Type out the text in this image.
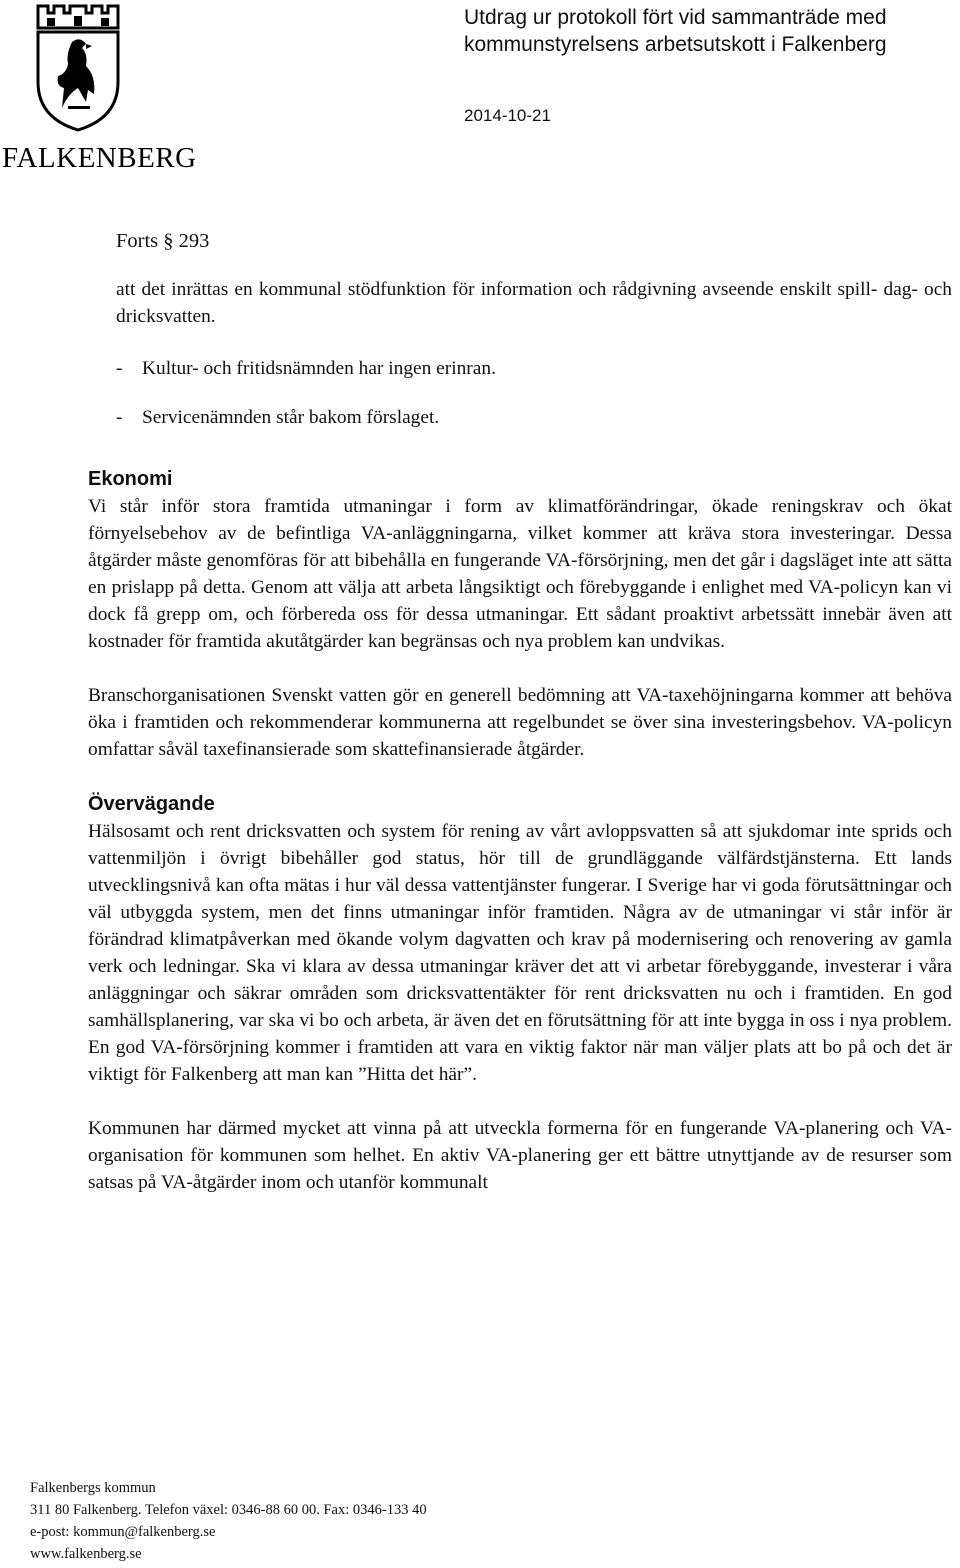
FALKENBERG
Utdrag ur protokoll fört vid sammanträde med
kommunstyrelsens arbetsutskott i Falkenberg
2014-10-21

Forts § 293

att det inrättas en kommunal stödfunktion för information och rådgivning avseende enskilt spill- dag- och dricksvatten.

- Kultur- och fritidsnämnden har ingen erinran.

- Servicenämnden står bakom förslaget.

Ekonomi

Vi står inför stora framtida utmaningar i form av klimatförändringar, ökade reningskrav och ökat förnyelsebehov av de befintliga VA-anläggningarna, vilket kommer att kräva stora investeringar. Dessa åtgärder måste genomföras för att bibehålla en fungerande VA-försörjning, men det går i dagsläget inte att sätta en prislapp på detta. Genom att välja att arbeta långsiktigt och förebyggande i enlighet med VA-policyn kan vi dock få grepp om, och förbereda oss för dessa utmaningar. Ett sådant proaktivt arbetssätt innebär även att kostnader för framtida akutåtgärder kan begränsas och nya problem kan undvikas.

Branschorganisationen Svenskt vatten gör en generell bedömning att VA-taxehöjningarna kommer att behöva öka i framtiden och rekommenderar kommunerna att regelbundet se över sina investeringsbehov. VA-policyn omfattar såväl taxefinansierade som skattefinansierade åtgärder.

Övervägande

Hälsosamt och rent dricksvatten och system för rening av vårt avloppsvatten så att sjukdomar inte sprids och vattenmiljön i övrigt bibehåller god status, hör till de grundläggande välfärdstjänsterna. Ett lands utvecklingsnivå kan ofta mätas i hur väl dessa vattentjänster fungerar. I Sverige har vi goda förutsättningar och väl utbyggda system, men det finns utmaningar inför framtiden. Några av de utmaningar vi står inför är förändrad klimatpåverkan med ökande volym dagvatten och krav på modernisering och renovering av gamla verk och ledningar. Ska vi klara av dessa utmaningar kräver det att vi arbetar förebyggande, investerar i våra anläggningar och säkrar områden som dricksvattentäkter för rent dricksvatten nu och i framtiden. En god samhällsplanering, var ska vi bo och arbeta, är även det en förutsättning för att inte bygga in oss i nya problem. En god VA-försörjning kommer i framtiden att vara en viktig faktor när man väljer plats att bo på och det är viktigt för Falkenberg att man kan ”Hitta det här”.

Kommunen har därmed mycket att vinna på att utveckla formerna för en fungerande VA-planering och VA-organisation för kommunen som helhet. En aktiv VA-planering ger ett bättre utnyttjande av de resurser som satsas på VA-åtgärder inom och utanför kommunalt

Falkenbergs kommun
311 80 Falkenberg. Telefon växel: 0346-88 60 00. Fax: 0346-133 40
e-post: kommun@falkenberg.se
www.falkenberg.se
